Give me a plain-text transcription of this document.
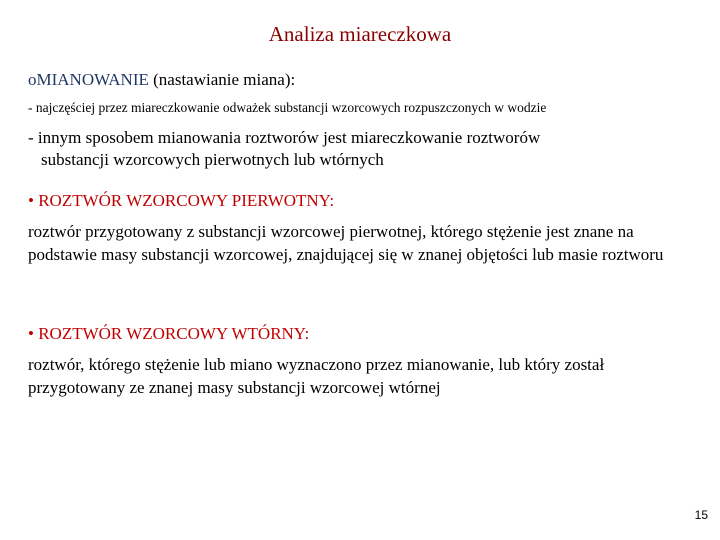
Analiza miareczkowa
oMIANOWANIE (nastawianie miana):
- najczęściej przez miareczkowanie odważek substancji wzorcowych rozpuszczonych w wodzie
- innym sposobem mianowania roztworów jest miareczkowanie roztworów
substancji wzorcowych pierwotnych lub wtórnych
• ROZTWÓR WZORCOWY PIERWOTNY:
roztwór przygotowany z substancji wzorcowej pierwotnej, którego stężenie jest znane na podstawie masy substancji wzorcowej, znajdującej się w znanej objętości lub masie roztworu
• ROZTWÓR WZORCOWY WTÓRNY:
roztwór, którego stężenie lub miano wyznaczono przez mianowanie, lub który został przygotowany ze znanej masy substancji wzorcowej wtórnej
15
